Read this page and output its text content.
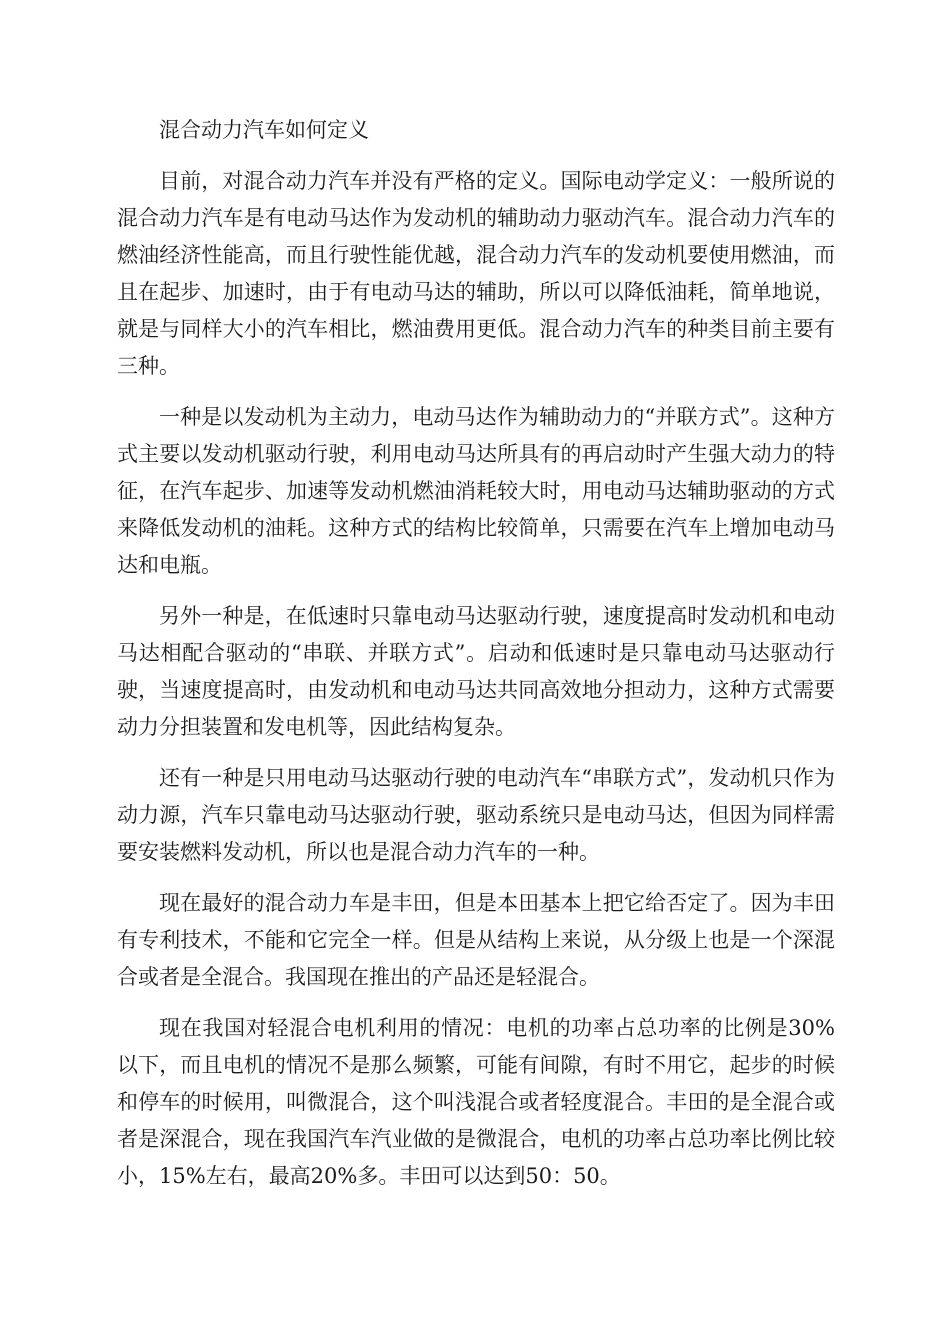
混合动力汽车如何定义

目前，对混合动力汽车并没有严格的定义。国际电动学定义：一般所说的混合动力汽车是有电动马达作为发动机的辅助动力驱动汽车。混合动力汽车的燃油经济性能高，而且行驶性能优越，混合动力汽车的发动机要使用燃油，而且在起步、加速时，由于有电动马达的辅助，所以可以降低油耗，简单地说，就是与同样大小的汽车相比，燃油费用更低。混合动力汽车的种类目前主要有三种。

一种是以发动机为主动力，电动马达作为辅助动力的“并联方式”。这种方式主要以发动机驱动行驶，利用电动马达所具有的再启动时产生强大动力的特征，在汽车起步、加速等发动机燃油消耗较大时，用电动马达辅助驱动的方式来降低发动机的油耗。这种方式的结构比较简单，只需要在汽车上增加电动马达和电瓶。

另外一种是，在低速时只靠电动马达驱动行驶，速度提高时发动机和电动马达相配合驱动的“串联、并联方式”。启动和低速时是只靠电动马达驱动行驶，当速度提高时，由发动机和电动马达共同高效地分担动力，这种方式需要动力分担装置和发电机等，因此结构复杂。

还有一种是只用电动马达驱动行驶的电动汽车“串联方式”，发动机只作为动力源，汽车只靠电动马达驱动行驶，驱动系统只是电动马达，但因为同样需要安装燃料发动机，所以也是混合动力汽车的一种。

现在最好的混合动力车是丰田，但是本田基本上把它给否定了。因为丰田有专利技术，不能和它完全一样。但是从结构上来说，从分级上也是一个深混合或者是全混合。我国现在推出的产品还是轻混合。

现在我国对轻混合电机利用的情况：电机的功率占总功率的比例是30%以下，而且电机的情况不是那么频繁，可能有间隙，有时不用它，起步的时候和停车的时候用，叫微混合，这个叫浅混合或者轻度混合。丰田的是全混合或者是深混合，现在我国汽车汽业做的是微混合，电机的功率占总功率比例比较小，15%左右，最高20%多。丰田可以达到50：50。
